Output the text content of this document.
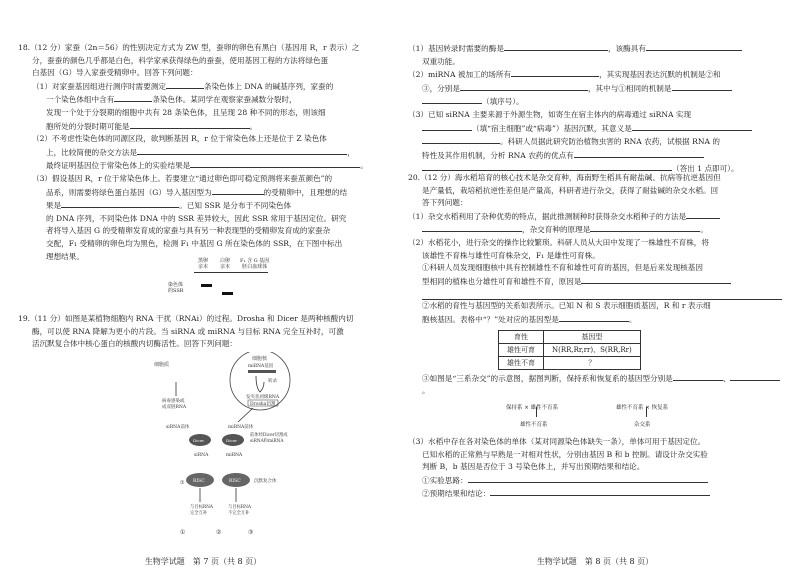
18.（12 分）家蚕（2n＝56）的性别决定方式为 ZW 型，蚕卵的卵色有黑白（基因用 R，r 表示）之

分，蚕蚕的颜色几乎都是白色，科学家承获得绿色的蚕蚕，使用基因工程的方法将绿色蛋

白基因（G）导入家蚕受精卵中。回答下列问题：

（1）对家蚕基因组进行测序时需要测定	条染色体上 DNA 的碱基序列，家蚕的

一个染色体组中含有	条染色体。某同学在观察家蚕减数分裂时，

发现一个处于分裂期的细胞中共有 28 条染色体，且呈现 28 种不同的形态，则该细

胞所处的分裂时期可能是	。

（2）不考虑性染色体的同源区段，欲判断基因 R，r 位于常染色体上还是位于 Z 染色体

上，比较简便的杂交方法是	，

最终证明基因位于常染色体上的实验结果是	。

（3）假设基因 R，r 位于常染色体上。若要建立“通过卵色即可稳定预测将来蚕茧颜色”的

品系，则需要将绿色蛋白基因（G）导入基因型为	的受精卵中，且理想的结

果是	。已知 SSR 是分布于不同染色体

的 DNA 序列，不同染色体 DNA 中的 SSR 差异较大，因此 SSR 常用于基因定位。研究

者将导入基因 G 的受精卵发育成的家蚕与具有另一种表现型的受精卵发育成的家蚕杂

交配，F₁ 受精卵的卵色均为黑色，检测 F₁ 中基因 G 所在染色体的 SSR，在下图中标出

理想结果。

黑卵
亲本
白卵
亲本
F₁ 含 G 基因
胚白血球体
染色体
的SSR

19.（11 分）如图是某植物细胞内 RNA 干扰（RNAi）的过程。Drosha 和 Dicer 是两种核酸内切

酶，可以使 RNA 降解为更小的片段。当 siRNA 或 miRNA 与目标 RNA 完全互补时，可激

活沉默复合体中核心蛋白的核酸内切酶活性。回答下列问题：

细胞核
miRNA基因
转录
发夹状初级RNA
Drosha切割
细胞质
病毒感染或
成双链RNA
siRNA前体	miRNA前体
Dicer	Dicer
前体经Dicer切割成
siRNA和miRNA
siRNA	miRNA
RISC	RISC	沉默复合体
①
与目标RNA
完全互补
与目标RNA
不完全互补
①	②	③
生物学试题　第 7 页（共 8 页）

（1）基因转录时需要的酶是	，该酶具有

双重功能。

（2）miRNA 被加工的场所有	，其实现基因表达沉默的机制是②和

③，分别是	，其中与①相同的机制是

（填序号）。

（3）已知 siRNA 主要来源于外源生物，如寄生在宿主体内的病毒通过 siRNA 实现

（填“宿主细胞”或“病毒”）基因沉默，其意义是

。科研人员据此研究防治植物虫害的 RNA 农药，试根据 RNA 的

特性及其作用机制，分析 RNA 农药的优点有

（答出 1 点即可）。

20.（12 分）海水稻培育的核心技术是杂交育种，海南野生稻具有耐盐碱、抗病等抗逆基因但

是产量低，栽培稻抗逆性差但是产量高，科研者进行杂交，获得了耐盐碱的杂交水稻。回

答下列问题：

（1）杂交水稻利用了杂种优势的特点，据此推测制种时获得杂交水稻种子的方法是

，杂交育种的原理是	。

（2）水稻花小，进行杂交的操作比较繁琐。科研人员从大田中发现了一株雄性不育株，将

该雄性不育株与雄性可育株杂交，F₁ 是雄性可育株。

①科研人员发现细胞核中具有控制雄性不育和雄性可育的基因，但是后来发现核基因

型相同的植株也分雄性可育和雄性不育，原因是

②水稻的育性与基因型的关系如表所示。已知 N 和 S 表示细胞质基因，R 和 r 表示细

胞核基因。表格中“？”处对应的基因型是	。

育性	基因型
雄性可育	N(RR,Rr,rr)、S(RR,Rr)
雄性不育	？

③如图是“三系杂交”的示意图，据图判断，保持系和恢复系的基因型分别是	、。

保持系 × 雄性不育系	雄性不育系 × 恢复系
雄性不育系	杂交系

（3）水稻中存在各对染色体的单体（某对同源染色体缺失一条），单体可用于基因定位。

已知水稻的正常熟与早熟是一对相对性状，分别由基因 B 和 b 控制。请设计杂交实验

判断 B，b 基因是否位于 3 号染色体上，并写出预期结果和结论。

①实验思路：

②预期结果和结论：

生物学试题　第 8 页（共 8 页）
